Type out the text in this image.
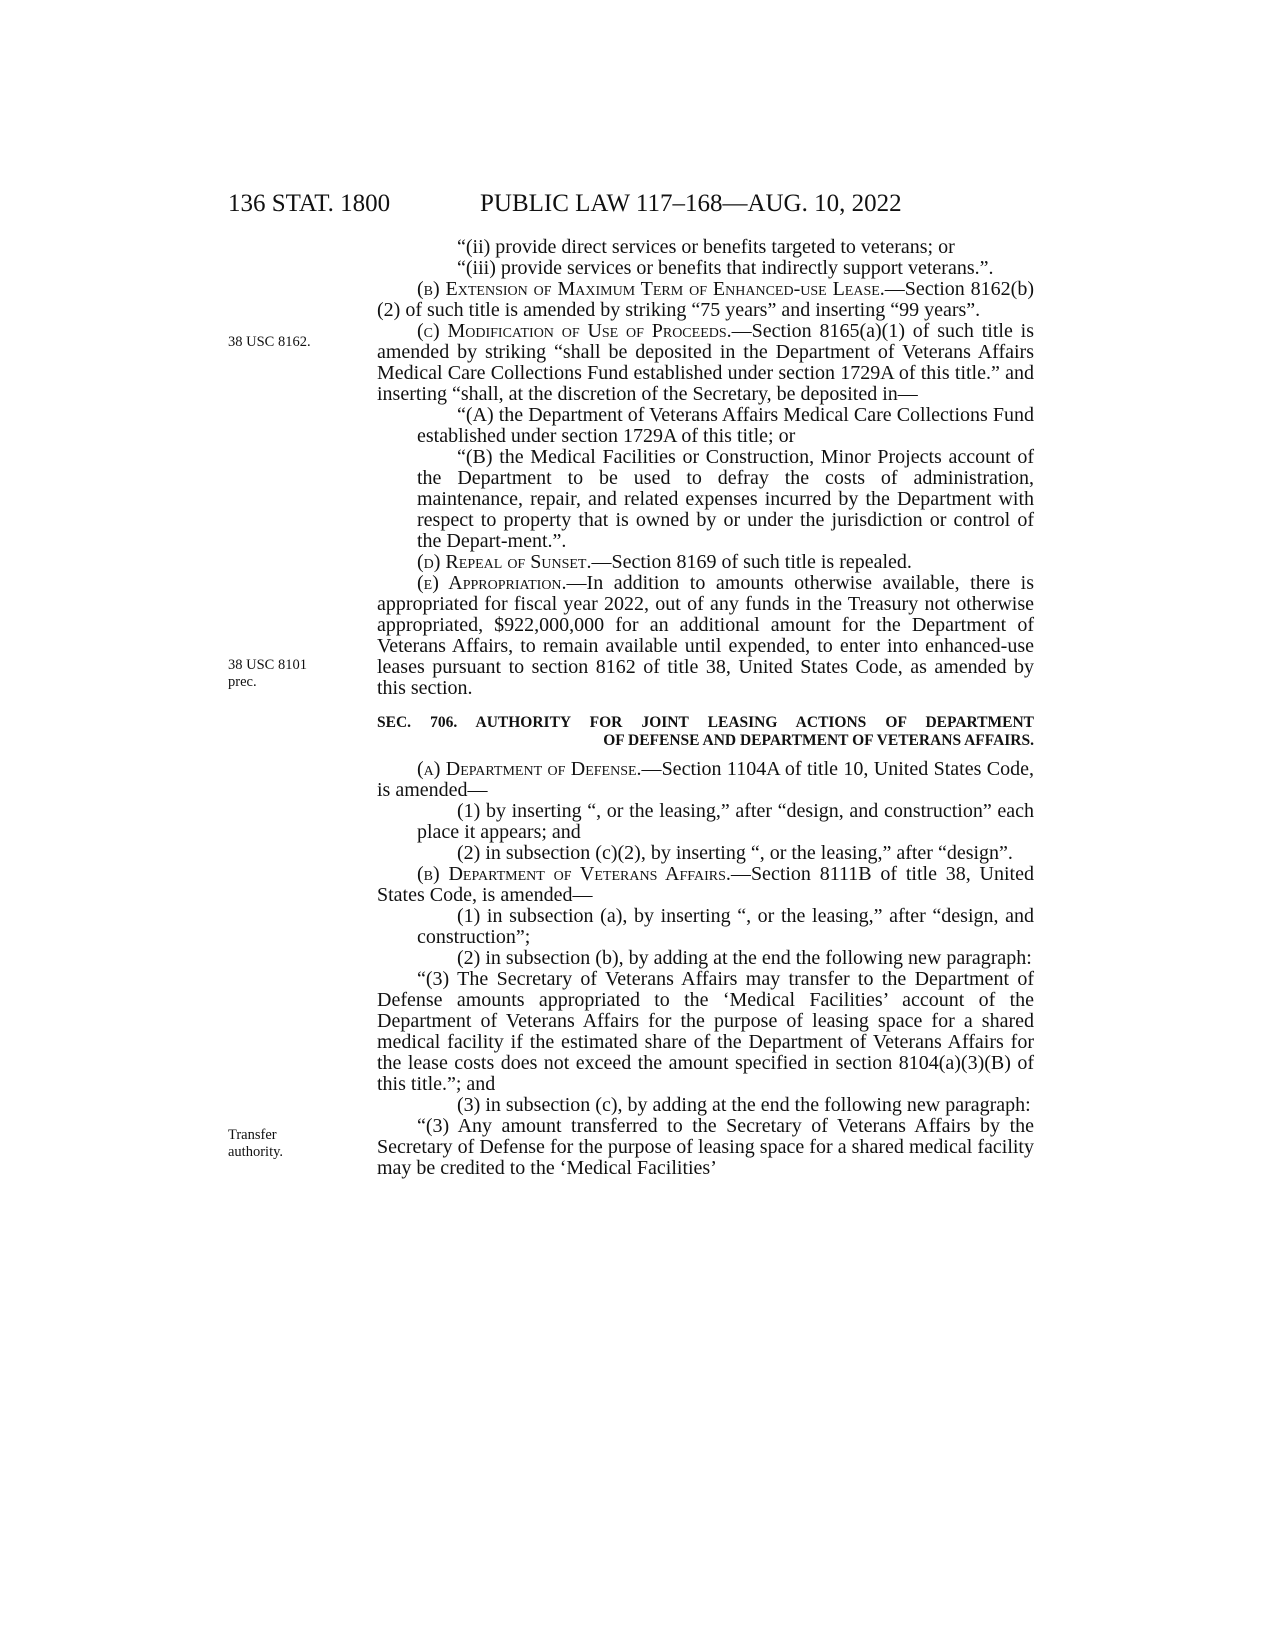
136 STAT. 1800	PUBLIC LAW 117–168—AUG. 10, 2022
38 USC 8162.
38 USC 8101
prec.
Transfer
authority.

“(ii) provide direct services or benefits targeted to veterans; or

“(iii) provide services or benefits that indirectly support veterans.”.

(b) Extension of Maximum Term of Enhanced-use Lease.—Section 8162(b)(2) of such title is amended by striking “75 years” and inserting “99 years”.

(c) Modification of Use of Proceeds.—Section 8165(a)(1) of such title is amended by striking “shall be deposited in the Department of Veterans Affairs Medical Care Collections Fund established under section 1729A of this title.” and inserting “shall, at the discretion of the Secretary, be deposited in—

“(A) the Department of Veterans Affairs Medical Care Collections Fund established under section 1729A of this title; or

“(B) the Medical Facilities or Construction, Minor Projects account of the Department to be used to defray the costs of administration, maintenance, repair, and related expenses incurred by the Department with respect to property that is owned by or under the jurisdiction or control of the Depart-ment.”.

(d) Repeal of Sunset.—Section 8169 of such title is repealed.

(e) Appropriation.—In addition to amounts otherwise available, there is appropriated for fiscal year 2022, out of any funds in the Treasury not otherwise appropriated, $922,000,000 for an additional amount for the Department of Veterans Affairs, to remain available until expended, to enter into enhanced-use leases pursuant to section 8162 of title 38, United States Code, as amended by this section.

SEC. 706. AUTHORITY FOR JOINT LEASING ACTIONS OF DEPARTMENT
OF DEFENSE AND DEPARTMENT OF VETERANS AFFAIRS.

(a) Department of Defense.—Section 1104A of title 10, United States Code, is amended—

(1) by inserting “, or the leasing,” after “design, and construction” each place it appears; and

(2) in subsection (c)(2), by inserting “, or the leasing,” after “design”.

(b) Department of Veterans Affairs.—Section 8111B of title 38, United States Code, is amended—

(1) in subsection (a), by inserting “, or the leasing,” after “design, and construction”;

(2) in subsection (b), by adding at the end the following new paragraph:

“(3) The Secretary of Veterans Affairs may transfer to the Department of Defense amounts appropriated to the ‘Medical Facilities’ account of the Department of Veterans Affairs for the purpose of leasing space for a shared medical facility if the estimated share of the Department of Veterans Affairs for the lease costs does not exceed the amount specified in section 8104(a)(3)(B) of this title.”; and

(3) in subsection (c), by adding at the end the following new paragraph:

“(3) Any amount transferred to the Secretary of Veterans Affairs by the Secretary of Defense for the purpose of leasing space for a shared medical facility may be credited to the ‘Medical Facilities’
